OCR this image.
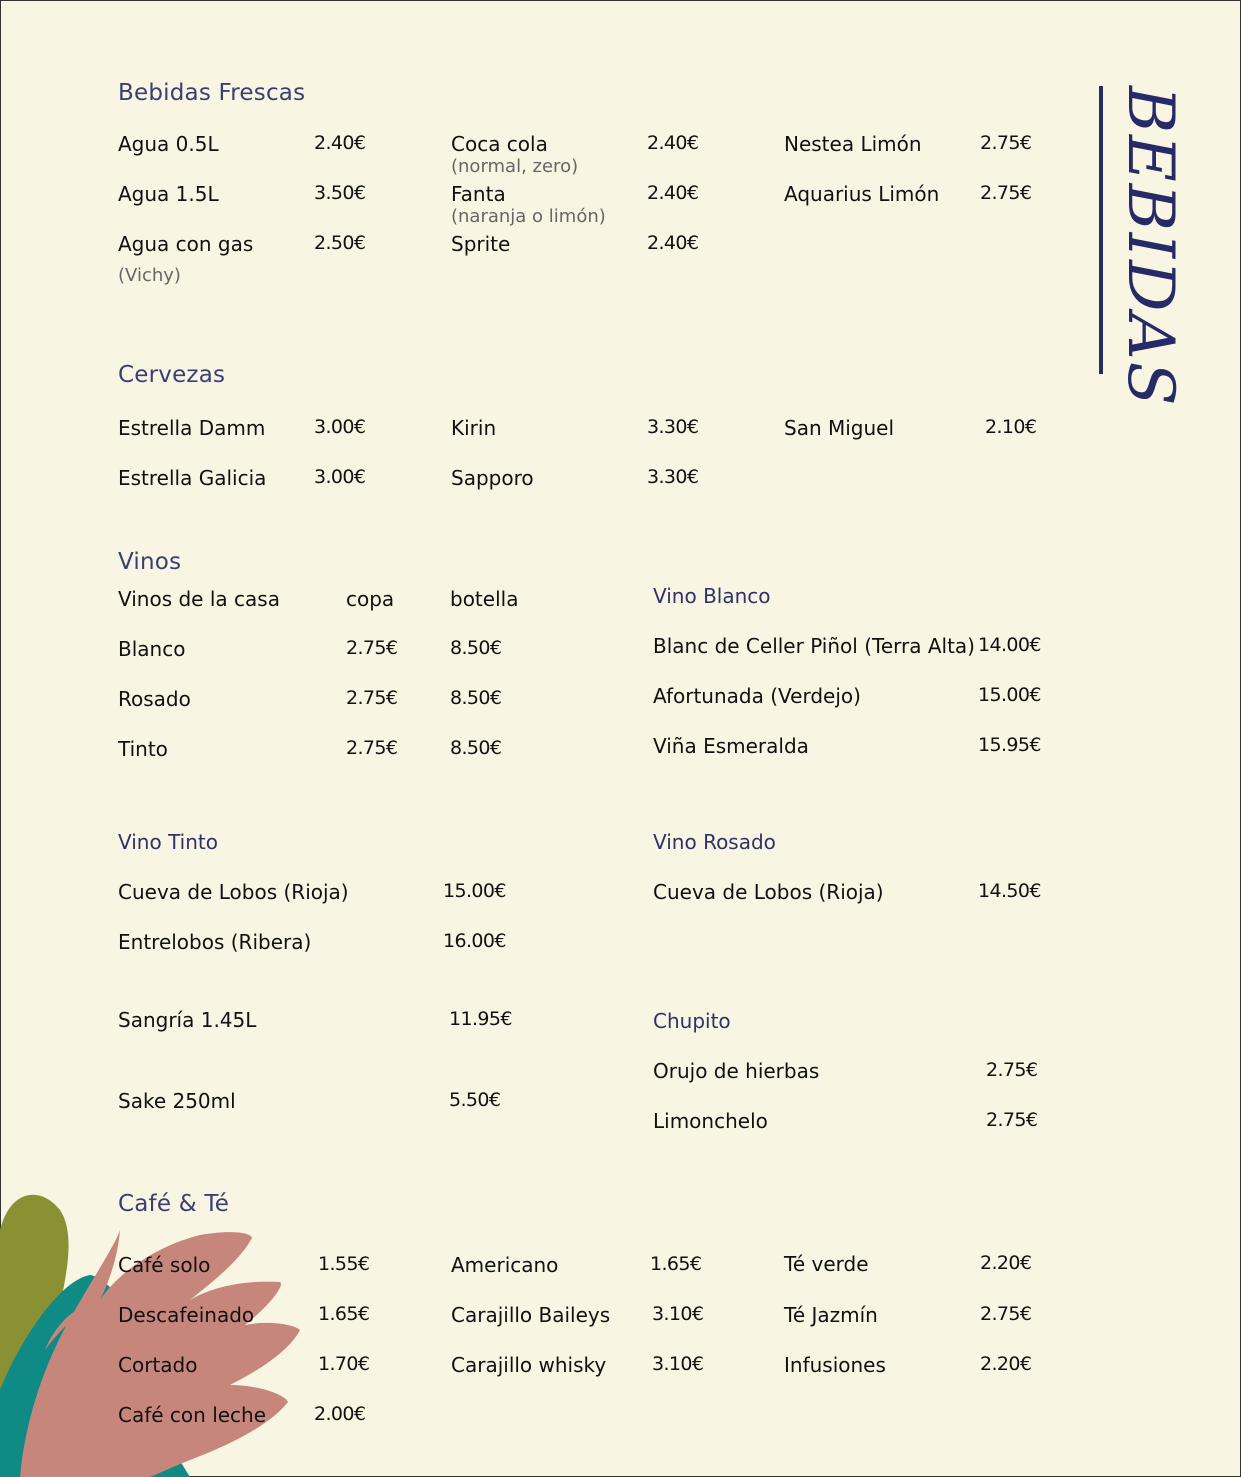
BEBIDAS
Bebidas Frescas
Agua 0.5L	2.40€
Agua 1.5L	3.50€
Agua con gas
(Vichy)
2.50€
Coca cola
(normal, zero)
2.40€
Fanta
(naranja o limón)
2.40€
Sprite	2.40€
Nestea Limón	2.75€
Aquarius Limón 2.75€
Cervezas
Estrella Damm	3.00€
Estrella Galicia	3.00€
Kirin	3.30€
Sapporo	3.30€
San Miguel	2.10€
Vinos
Vinos de la casa	copa	botella
Blanco	2.75€	8.50€
Rosado	2.75€	8.50€
Tinto	2.75€	8.50€
Vino Blanco
Blanc de Celler Piñol (Terra Alta) 14.00€
Afortunada (Verdejo)	15.00€
Viña Esmeralda	15.95€
Vino Tinto
Cueva de Lobos (Rioja)	15.00€
Entrelobos (Ribera)	16.00€
Vino Rosado
Cueva de Lobos (Rioja)	14.50€
Sangría 1.45L	11.95€
Sake 250ml	5.50€
Chupito
Orujo de hierbas	2.75€
Limonchelo	2.75€
Café & Té
Café solo	1.55€
Descafeinado	1.65€
Cortado	1.70€
Café con leche	2.00€
Americano	1.65€
Carajillo Baileys 3.10€
Carajillo whisky 3.10€
Té verde	2.20€
Té Jazmín	2.75€
Infusiones	2.20€
